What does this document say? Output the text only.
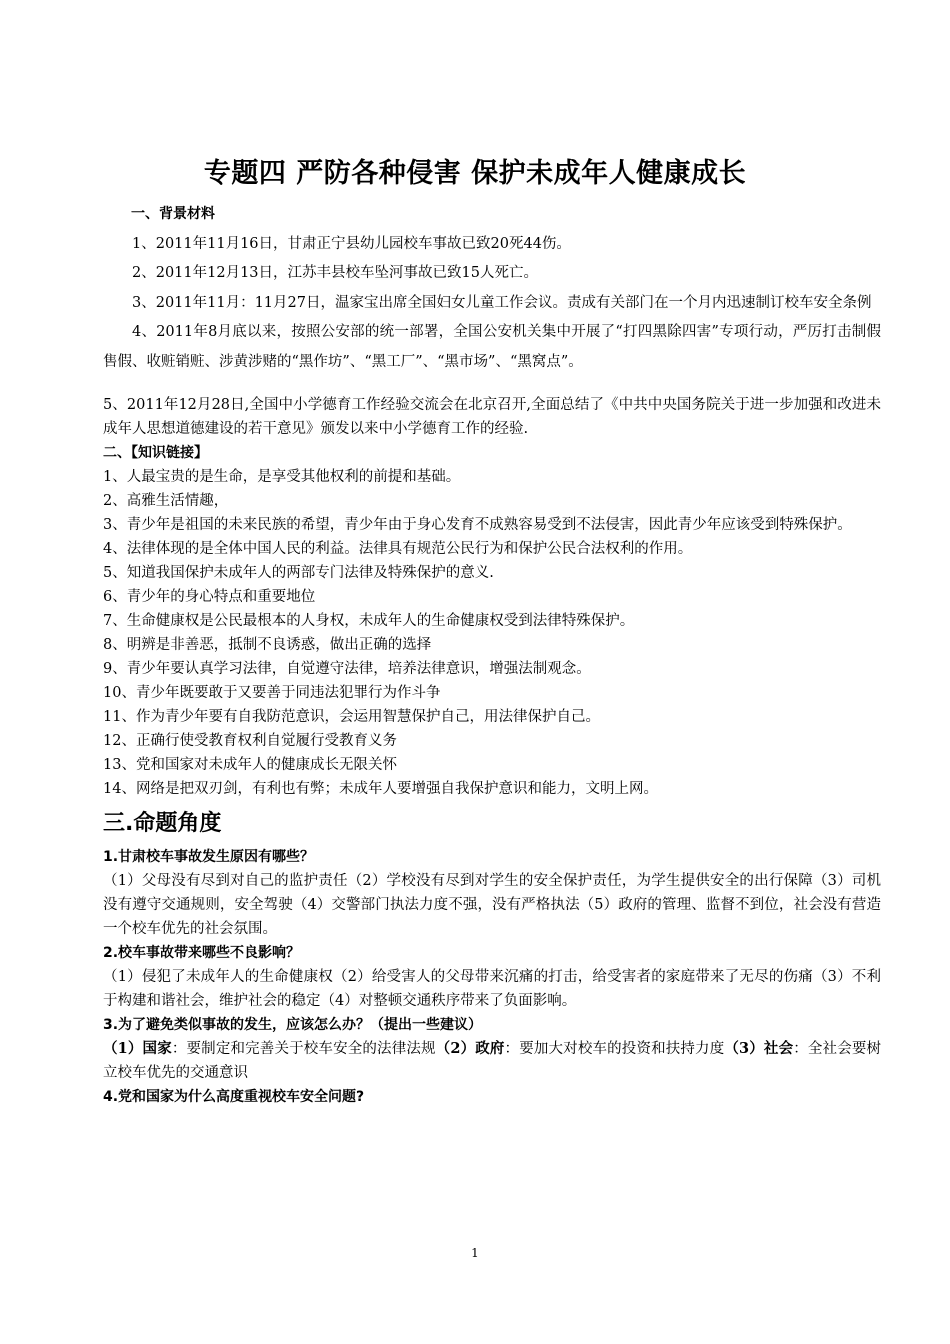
专题四 严防各种侵害 保护未成年人健康成长
一、背景材料
1、2011年11月16日，甘肃正宁县幼儿园校车事故已致20死44伤。
2、2011年12月13日，江苏丰县校车坠河事故已致15人死亡。
3、2011年11月：11月27日，温家宝出席全国妇女儿童工作会议。责成有关部门在一个月内迅速制订校车安全条例
4、2011年8月底以来，按照公安部的统一部署，全国公安机关集中开展了“打四黑除四害”专项行动，严厉打击制假售假、收赃销赃、涉黄涉赌的“黑作坊”、“黑工厂”、“黑市场”、“黑窝点”。
5、2011年12月28日,全国中小学德育工作经验交流会在北京召开,全面总结了《中共中央国务院关于进一步加强和改进未成年人思想道德建设的若干意见》颁发以来中小学德育工作的经验.
二、【知识链接】
1、人最宝贵的是生命，是享受其他权利的前提和基础。
2、高雅生活情趣，
3、青少年是祖国的未来民族的希望，青少年由于身心发育不成熟容易受到不法侵害，因此青少年应该受到特殊保护。
4、法律体现的是全体中国人民的利益。法律具有规范公民行为和保护公民合法权利的作用。
5、知道我国保护未成年人的两部专门法律及特殊保护的意义.
6、青少年的身心特点和重要地位
7、生命健康权是公民最根本的人身权，未成年人的生命健康权受到法律特殊保护。
8、明辨是非善恶，抵制不良诱惑，做出正确的选择
9、青少年要认真学习法律，自觉遵守法律，培养法律意识，增强法制观念。
10、青少年既要敢于又要善于同违法犯罪行为作斗争
11、作为青少年要有自我防范意识，会运用智慧保护自己，用法律保护自己。
12、正确行使受教育权利自觉履行受教育义务
13、党和国家对未成年人的健康成长无限关怀
14、网络是把双刃剑，有利也有弊；未成年人要增强自我保护意识和能力，文明上网。
三.命题角度
1.甘肃校车事故发生原因有哪些？
（1）父母没有尽到对自己的监护责任（2）学校没有尽到对学生的安全保护责任，为学生提供安全的出行保障（3）司机没有遵守交通规则，安全驾驶（4）交警部门执法力度不强，没有严格执法（5）政府的管理、监督不到位，社会没有营造一个校车优先的社会氛围。
2.校车事故带来哪些不良影响？
（1）侵犯了未成年人的生命健康权（2）给受害人的父母带来沉痛的打击，给受害者的家庭带来了无尽的伤痛（3）不利于构建和谐社会，维护社会的稳定（4）对整顿交通秩序带来了负面影响。
3.为了避免类似事故的发生，应该怎么办？（提出一些建议）
（1）国家：要制定和完善关于校车安全的法律法规（2）政府：要加大对校车的投资和扶持力度（3）社会：全社会要树立校车优先的交通意识
4.党和国家为什么高度重视校车安全问题?
1
